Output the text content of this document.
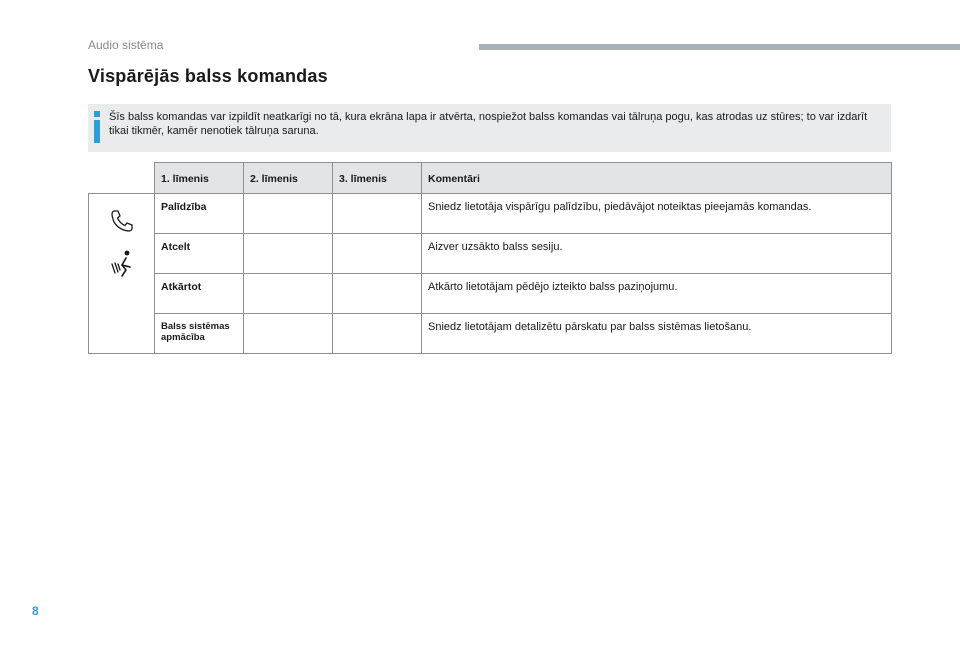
Audio sistēma
Vispārējās balss komandas
Šīs balss komandas var izpildīt neatkarīgi no tā, kura ekrāna lapa ir atvērta, nospiežot balss komandas vai tālruņa pogu, kas atrodas uz stūres; to var izdarīt tikai tikmēr, kamēr nenotiek tālruņa saruna.
	1. līmenis	2. līmenis	3. līmenis	Komentāri

	Palīdzība			Sniedz lietotāja vispārīgu palīdzību, piedāvājot noteiktas pieejamās komandas.
	Atcelt			Aizver uzsākto balss sesiju.
	Atkārtot			Atkārto lietotājam pēdējo izteikto balss paziņojumu.
	Balss sistēmas apmācība			Sniedz lietotājam detalizētu pārskatu par balss sistēmas lietošanu.
8
